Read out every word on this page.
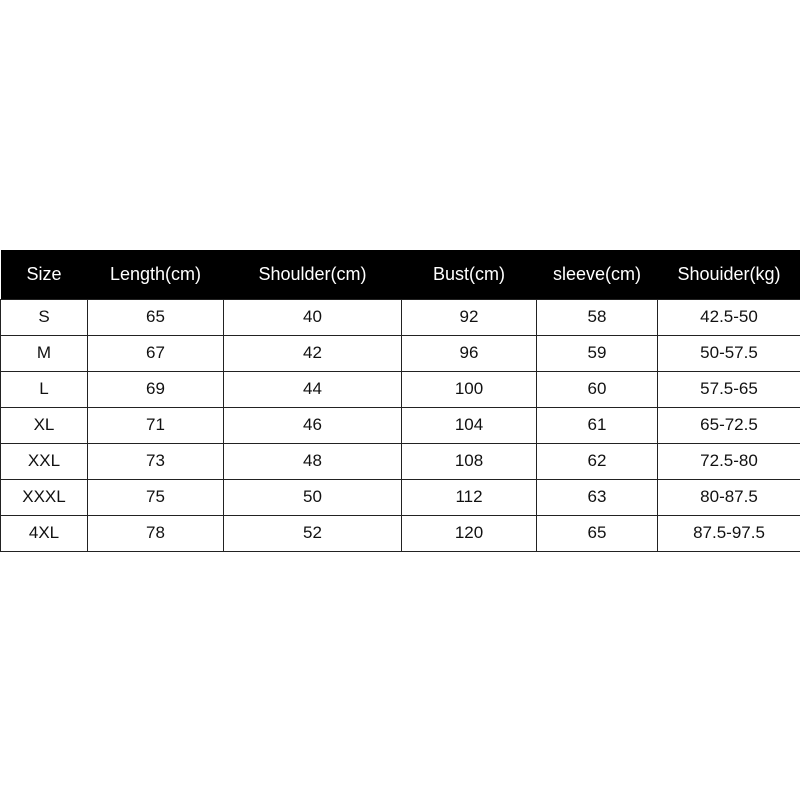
Size	Length(cm)	Shoulder(cm)	Bust(cm)	sleeve(cm)	Shouider(kg)
S	65	40	92	58	42.5-50
M	67	42	96	59	50-57.5
L	69	44	100	60	57.5-65
XL	71	46	104	61	65-72.5
XXL	73	48	108	62	72.5-80
XXXL	75	50	112	63	80-87.5
4XL	78	52	120	65	87.5-97.5
